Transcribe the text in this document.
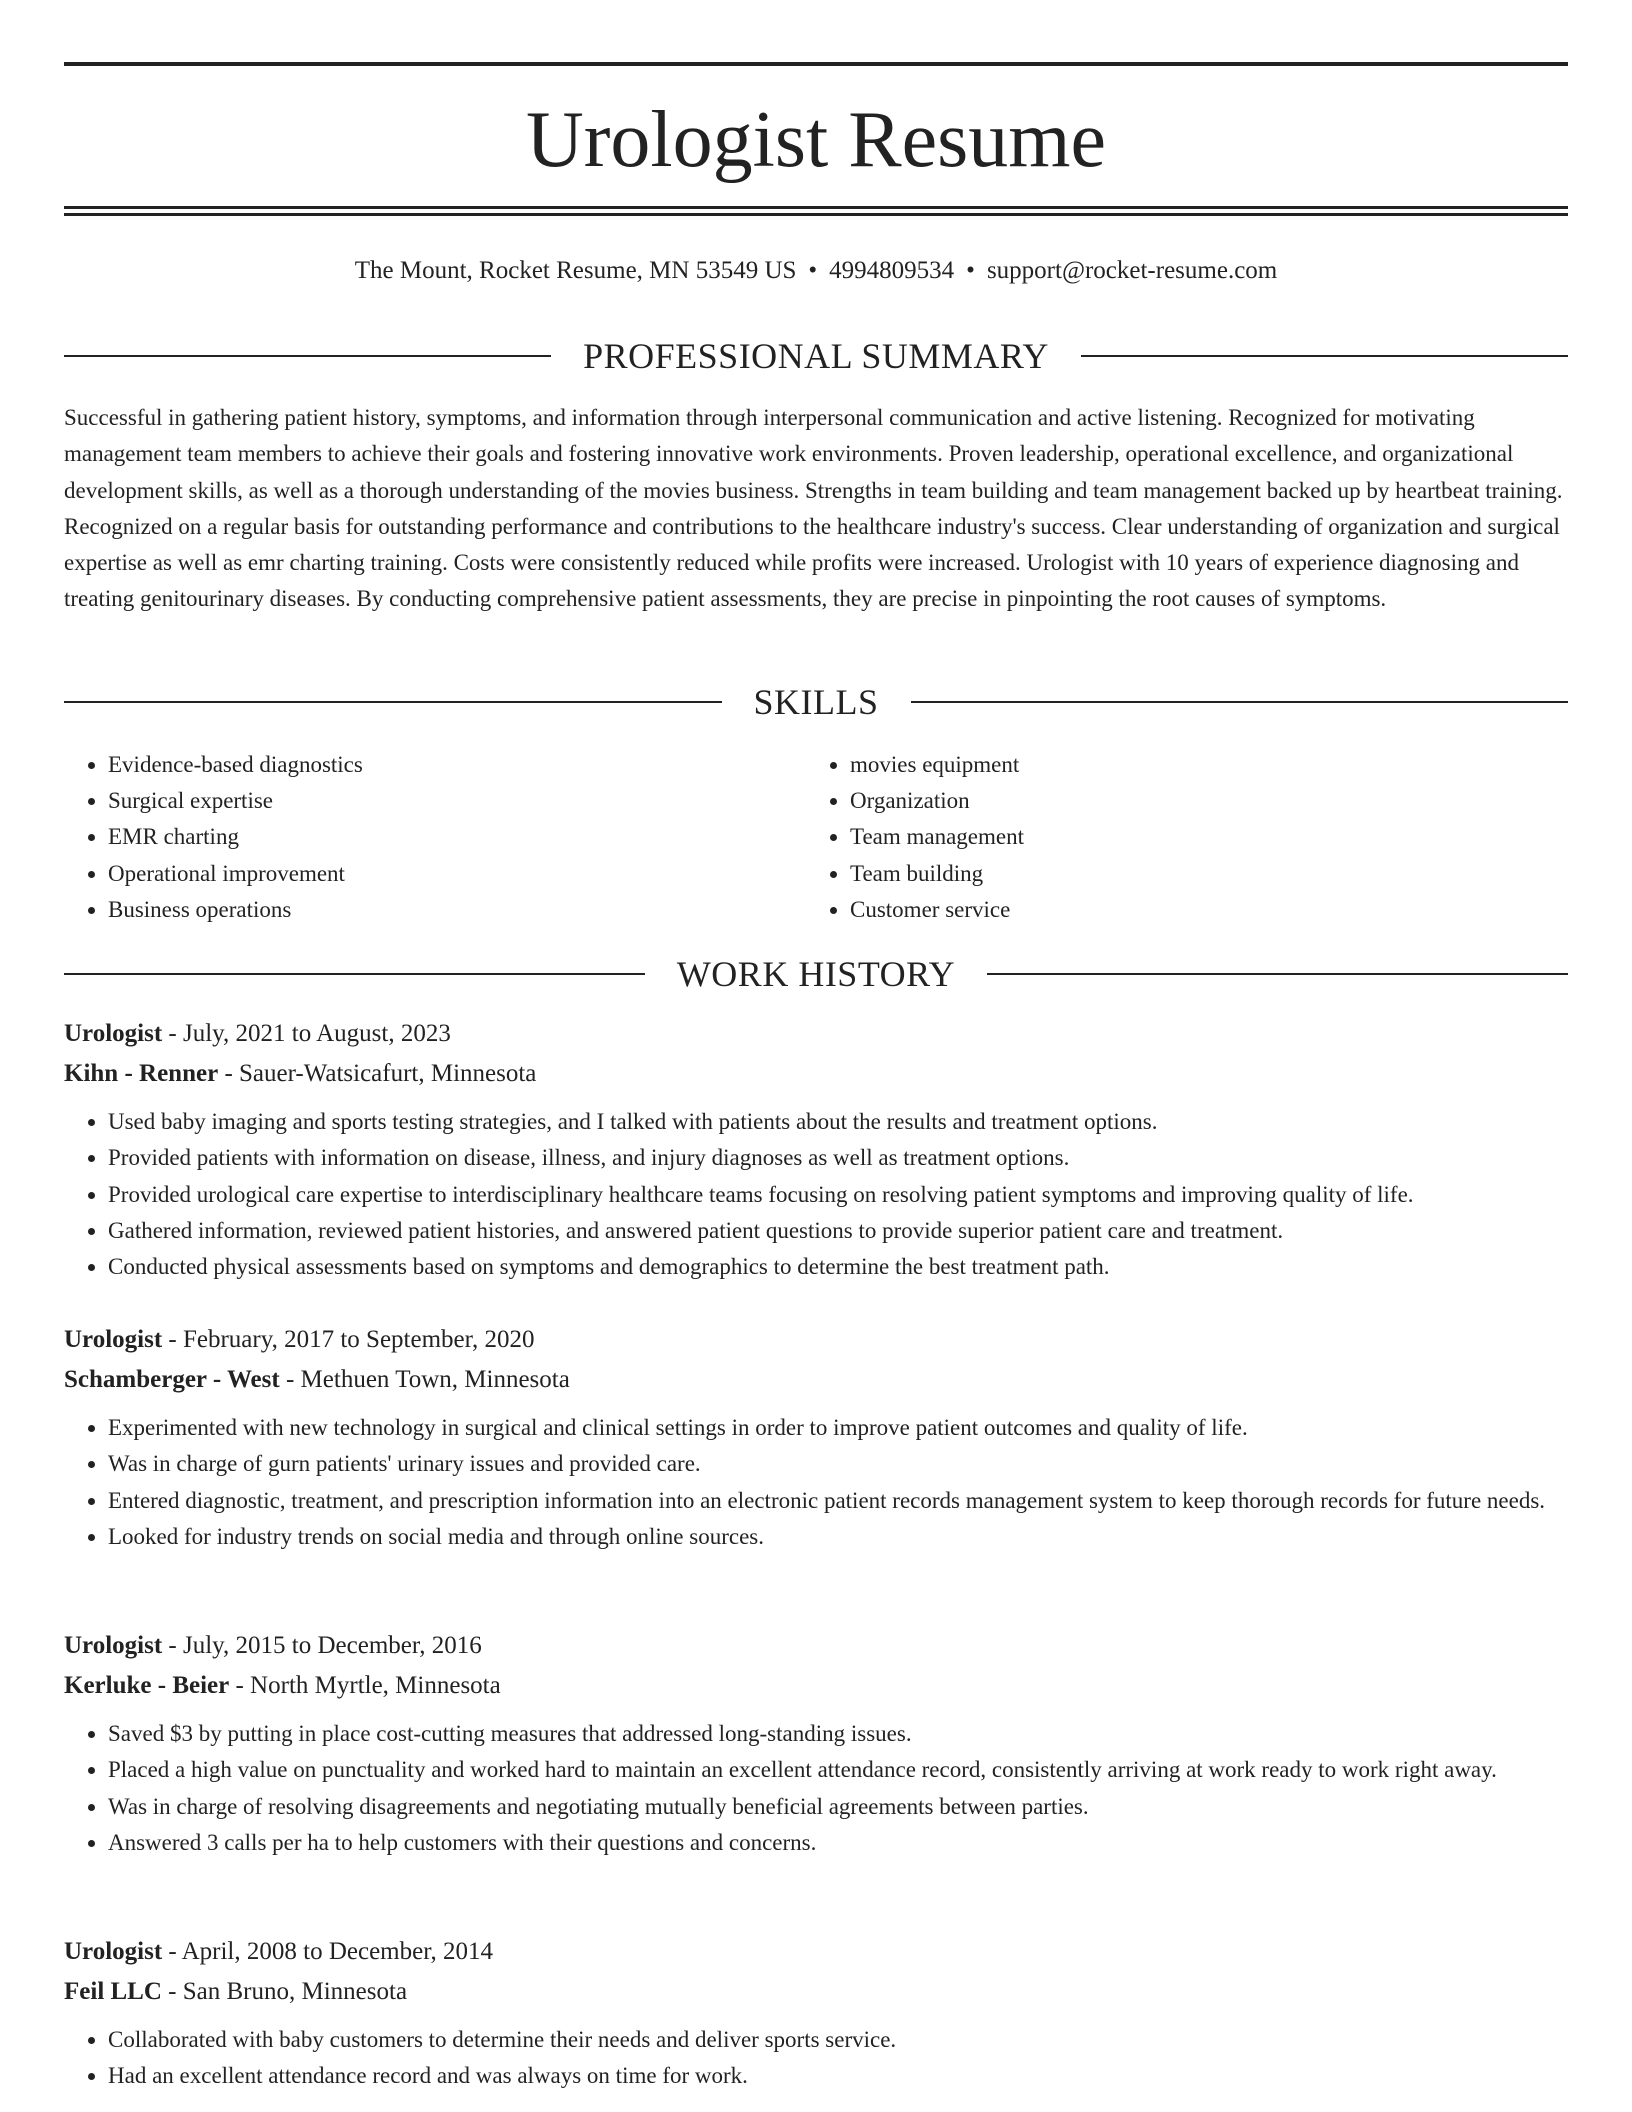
Urologist Resume
The Mount, Rocket Resume, MN 53549 US • 4994809534 • support@rocket-resume.com
PROFESSIONAL SUMMARY

Successful in gathering patient history, symptoms, and information through interpersonal communication and active listening. Recognized for motivating management team members to achieve their goals and fostering innovative work environments. Proven leadership, operational excellence, and organizational development skills, as well as a thorough understanding of the movies business. Strengths in team building and team management backed up by heartbeat training. Recognized on a regular basis for outstanding performance and contributions to the healthcare industry's success. Clear understanding of organization and surgical expertise as well as emr charting training. Costs were consistently reduced while profits were increased. Urologist with 10 years of experience diagnosing and treating genitourinary diseases. By conducting comprehensive patient assessments, they are precise in pinpointing the root causes of symptoms.

SKILLS
• Evidence-based diagnostics
• Surgical expertise
• EMR charting
• Operational improvement
• Business operations
• movies equipment
• Organization
• Team management
• Team building
• Customer service
WORK HISTORY

Urologist - July, 2021 to August, 2023

Kihn - Renner - Sauer-Watsicafurt, Minnesota

• Used baby imaging and sports testing strategies, and I talked with patients about the results and treatment options.
• Provided patients with information on disease, illness, and injury diagnoses as well as treatment options.
• Provided urological care expertise to interdisciplinary healthcare teams focusing on resolving patient symptoms and improving quality of life.
• Gathered information, reviewed patient histories, and answered patient questions to provide superior patient care and treatment.
• Conducted physical assessments based on symptoms and demographics to determine the best treatment path.

Urologist - February, 2017 to September, 2020

Schamberger - West - Methuen Town, Minnesota

• Experimented with new technology in surgical and clinical settings in order to improve patient outcomes and quality of life.
• Was in charge of gurn patients' urinary issues and provided care.
• Entered diagnostic, treatment, and prescription information into an electronic patient records management system to keep thorough records for future needs.
• Looked for industry trends on social media and through online sources.

Urologist - July, 2015 to December, 2016

Kerluke - Beier - North Myrtle, Minnesota

• Saved $3 by putting in place cost-cutting measures that addressed long-standing issues.
• Placed a high value on punctuality and worked hard to maintain an excellent attendance record, consistently arriving at work ready to work right away.
• Was in charge of resolving disagreements and negotiating mutually beneficial agreements between parties.
• Answered 3 calls per ha to help customers with their questions and concerns.

Urologist - April, 2008 to December, 2014

Feil LLC - San Bruno, Minnesota

• Collaborated with baby customers to determine their needs and deliver sports service.
• Had an excellent attendance record and was always on time for work.
